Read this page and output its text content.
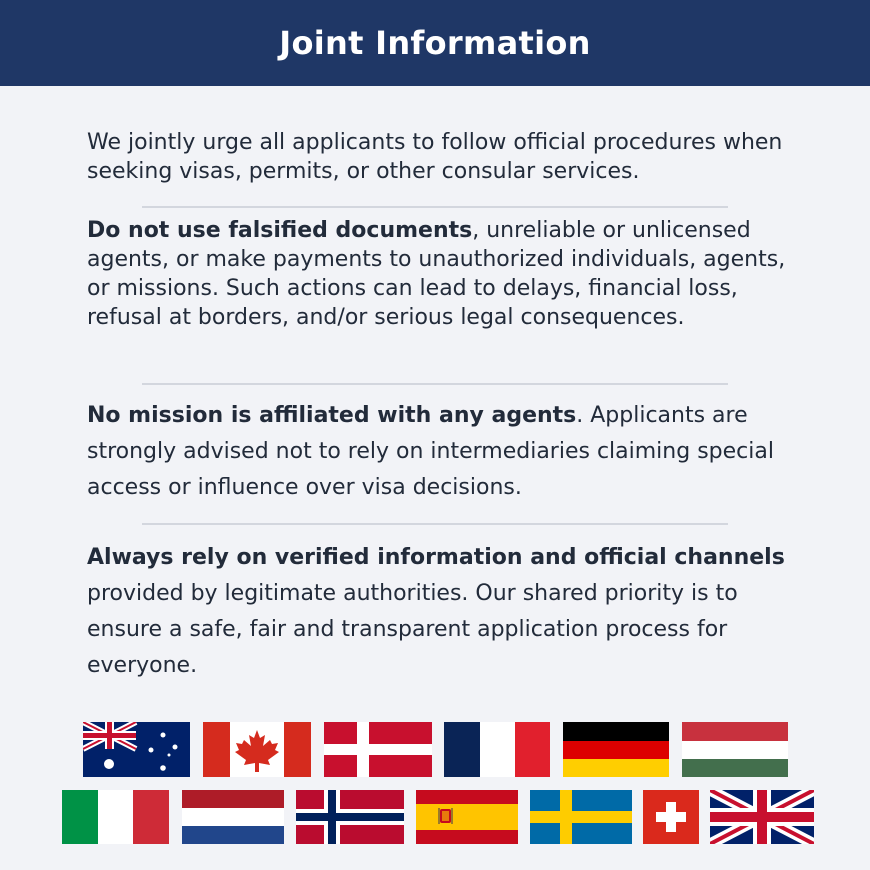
Joint Information

We jointly urge all applicants to follow official procedures when seeking visas, permits, or other consular services.

Do not use falsified documents, unreliable or unlicensed agents, or make payments to unauthorized individuals, agents, or missions. Such actions can lead to delays, financial loss, refusal at borders, and/or serious legal consequences.

No mission is affiliated with any agents. Applicants are strongly advised not to rely on intermediaries claiming special access or influence over visa decisions.

Always rely on verified information and official channels provided by legitimate authorities. Our shared priority is to ensure a safe, fair and transparent application process for everyone.
